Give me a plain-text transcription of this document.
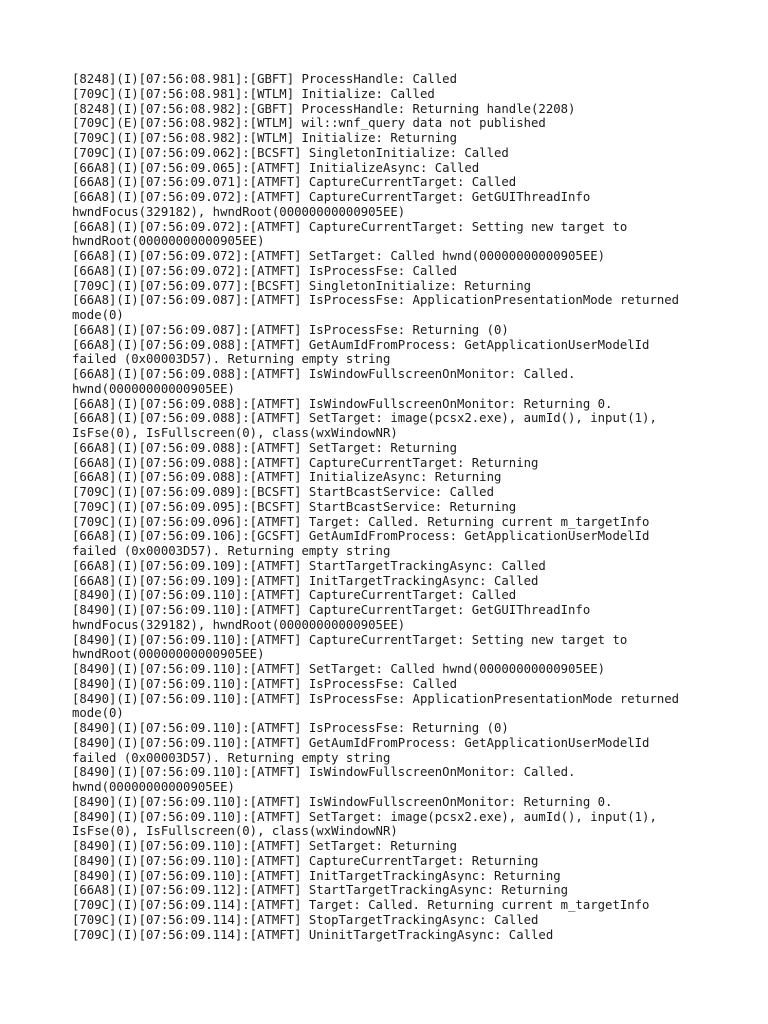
[8248](I)[07:56:08.981]:[GBFT] ProcessHandle: Called
[709C](I)[07:56:08.981]:[WTLM] Initialize: Called
[8248](I)[07:56:08.982]:[GBFT] ProcessHandle: Returning handle(2208)
[709C](E)[07:56:08.982]:[WTLM] wil::wnf_query data not published
[709C](I)[07:56:08.982]:[WTLM] Initialize: Returning
[709C](I)[07:56:09.062]:[BCSFT] SingletonInitialize: Called
[66A8](I)[07:56:09.065]:[ATMFT] InitializeAsync: Called
[66A8](I)[07:56:09.071]:[ATMFT] CaptureCurrentTarget: Called
[66A8](I)[07:56:09.072]:[ATMFT] CaptureCurrentTarget: GetGUIThreadInfo
hwndFocus(329182), hwndRoot(00000000000905EE)
[66A8](I)[07:56:09.072]:[ATMFT] CaptureCurrentTarget: Setting new target to
hwndRoot(00000000000905EE)
[66A8](I)[07:56:09.072]:[ATMFT] SetTarget: Called hwnd(00000000000905EE)
[66A8](I)[07:56:09.072]:[ATMFT] IsProcessFse: Called
[709C](I)[07:56:09.077]:[BCSFT] SingletonInitialize: Returning
[66A8](I)[07:56:09.087]:[ATMFT] IsProcessFse: ApplicationPresentationMode returned
mode(0)
[66A8](I)[07:56:09.087]:[ATMFT] IsProcessFse: Returning (0)
[66A8](I)[07:56:09.088]:[ATMFT] GetAumIdFromProcess: GetApplicationUserModelId
failed (0x00003D57). Returning empty string
[66A8](I)[07:56:09.088]:[ATMFT] IsWindowFullscreenOnMonitor: Called.
hwnd(00000000000905EE)
[66A8](I)[07:56:09.088]:[ATMFT] IsWindowFullscreenOnMonitor: Returning 0.
[66A8](I)[07:56:09.088]:[ATMFT] SetTarget: image(pcsx2.exe), aumId(), input(1),
IsFse(0), IsFullscreen(0), class(wxWindowNR)
[66A8](I)[07:56:09.088]:[ATMFT] SetTarget: Returning
[66A8](I)[07:56:09.088]:[ATMFT] CaptureCurrentTarget: Returning
[66A8](I)[07:56:09.088]:[ATMFT] InitializeAsync: Returning
[709C](I)[07:56:09.089]:[BCSFT] StartBcastService: Called
[709C](I)[07:56:09.095]:[BCSFT] StartBcastService: Returning
[709C](I)[07:56:09.096]:[ATMFT] Target: Called. Returning current m_targetInfo
[66A8](I)[07:56:09.106]:[GCSFT] GetAumIdFromProcess: GetApplicationUserModelId
failed (0x00003D57). Returning empty string
[66A8](I)[07:56:09.109]:[ATMFT] StartTargetTrackingAsync: Called
[66A8](I)[07:56:09.109]:[ATMFT] InitTargetTrackingAsync: Called
[8490](I)[07:56:09.110]:[ATMFT] CaptureCurrentTarget: Called
[8490](I)[07:56:09.110]:[ATMFT] CaptureCurrentTarget: GetGUIThreadInfo
hwndFocus(329182), hwndRoot(00000000000905EE)
[8490](I)[07:56:09.110]:[ATMFT] CaptureCurrentTarget: Setting new target to
hwndRoot(00000000000905EE)
[8490](I)[07:56:09.110]:[ATMFT] SetTarget: Called hwnd(00000000000905EE)
[8490](I)[07:56:09.110]:[ATMFT] IsProcessFse: Called
[8490](I)[07:56:09.110]:[ATMFT] IsProcessFse: ApplicationPresentationMode returned
mode(0)
[8490](I)[07:56:09.110]:[ATMFT] IsProcessFse: Returning (0)
[8490](I)[07:56:09.110]:[ATMFT] GetAumIdFromProcess: GetApplicationUserModelId
failed (0x00003D57). Returning empty string
[8490](I)[07:56:09.110]:[ATMFT] IsWindowFullscreenOnMonitor: Called.
hwnd(00000000000905EE)
[8490](I)[07:56:09.110]:[ATMFT] IsWindowFullscreenOnMonitor: Returning 0.
[8490](I)[07:56:09.110]:[ATMFT] SetTarget: image(pcsx2.exe), aumId(), input(1),
IsFse(0), IsFullscreen(0), class(wxWindowNR)
[8490](I)[07:56:09.110]:[ATMFT] SetTarget: Returning
[8490](I)[07:56:09.110]:[ATMFT] CaptureCurrentTarget: Returning
[8490](I)[07:56:09.110]:[ATMFT] InitTargetTrackingAsync: Returning
[66A8](I)[07:56:09.112]:[ATMFT] StartTargetTrackingAsync: Returning
[709C](I)[07:56:09.114]:[ATMFT] Target: Called. Returning current m_targetInfo
[709C](I)[07:56:09.114]:[ATMFT] StopTargetTrackingAsync: Called
[709C](I)[07:56:09.114]:[ATMFT] UninitTargetTrackingAsync: Called
